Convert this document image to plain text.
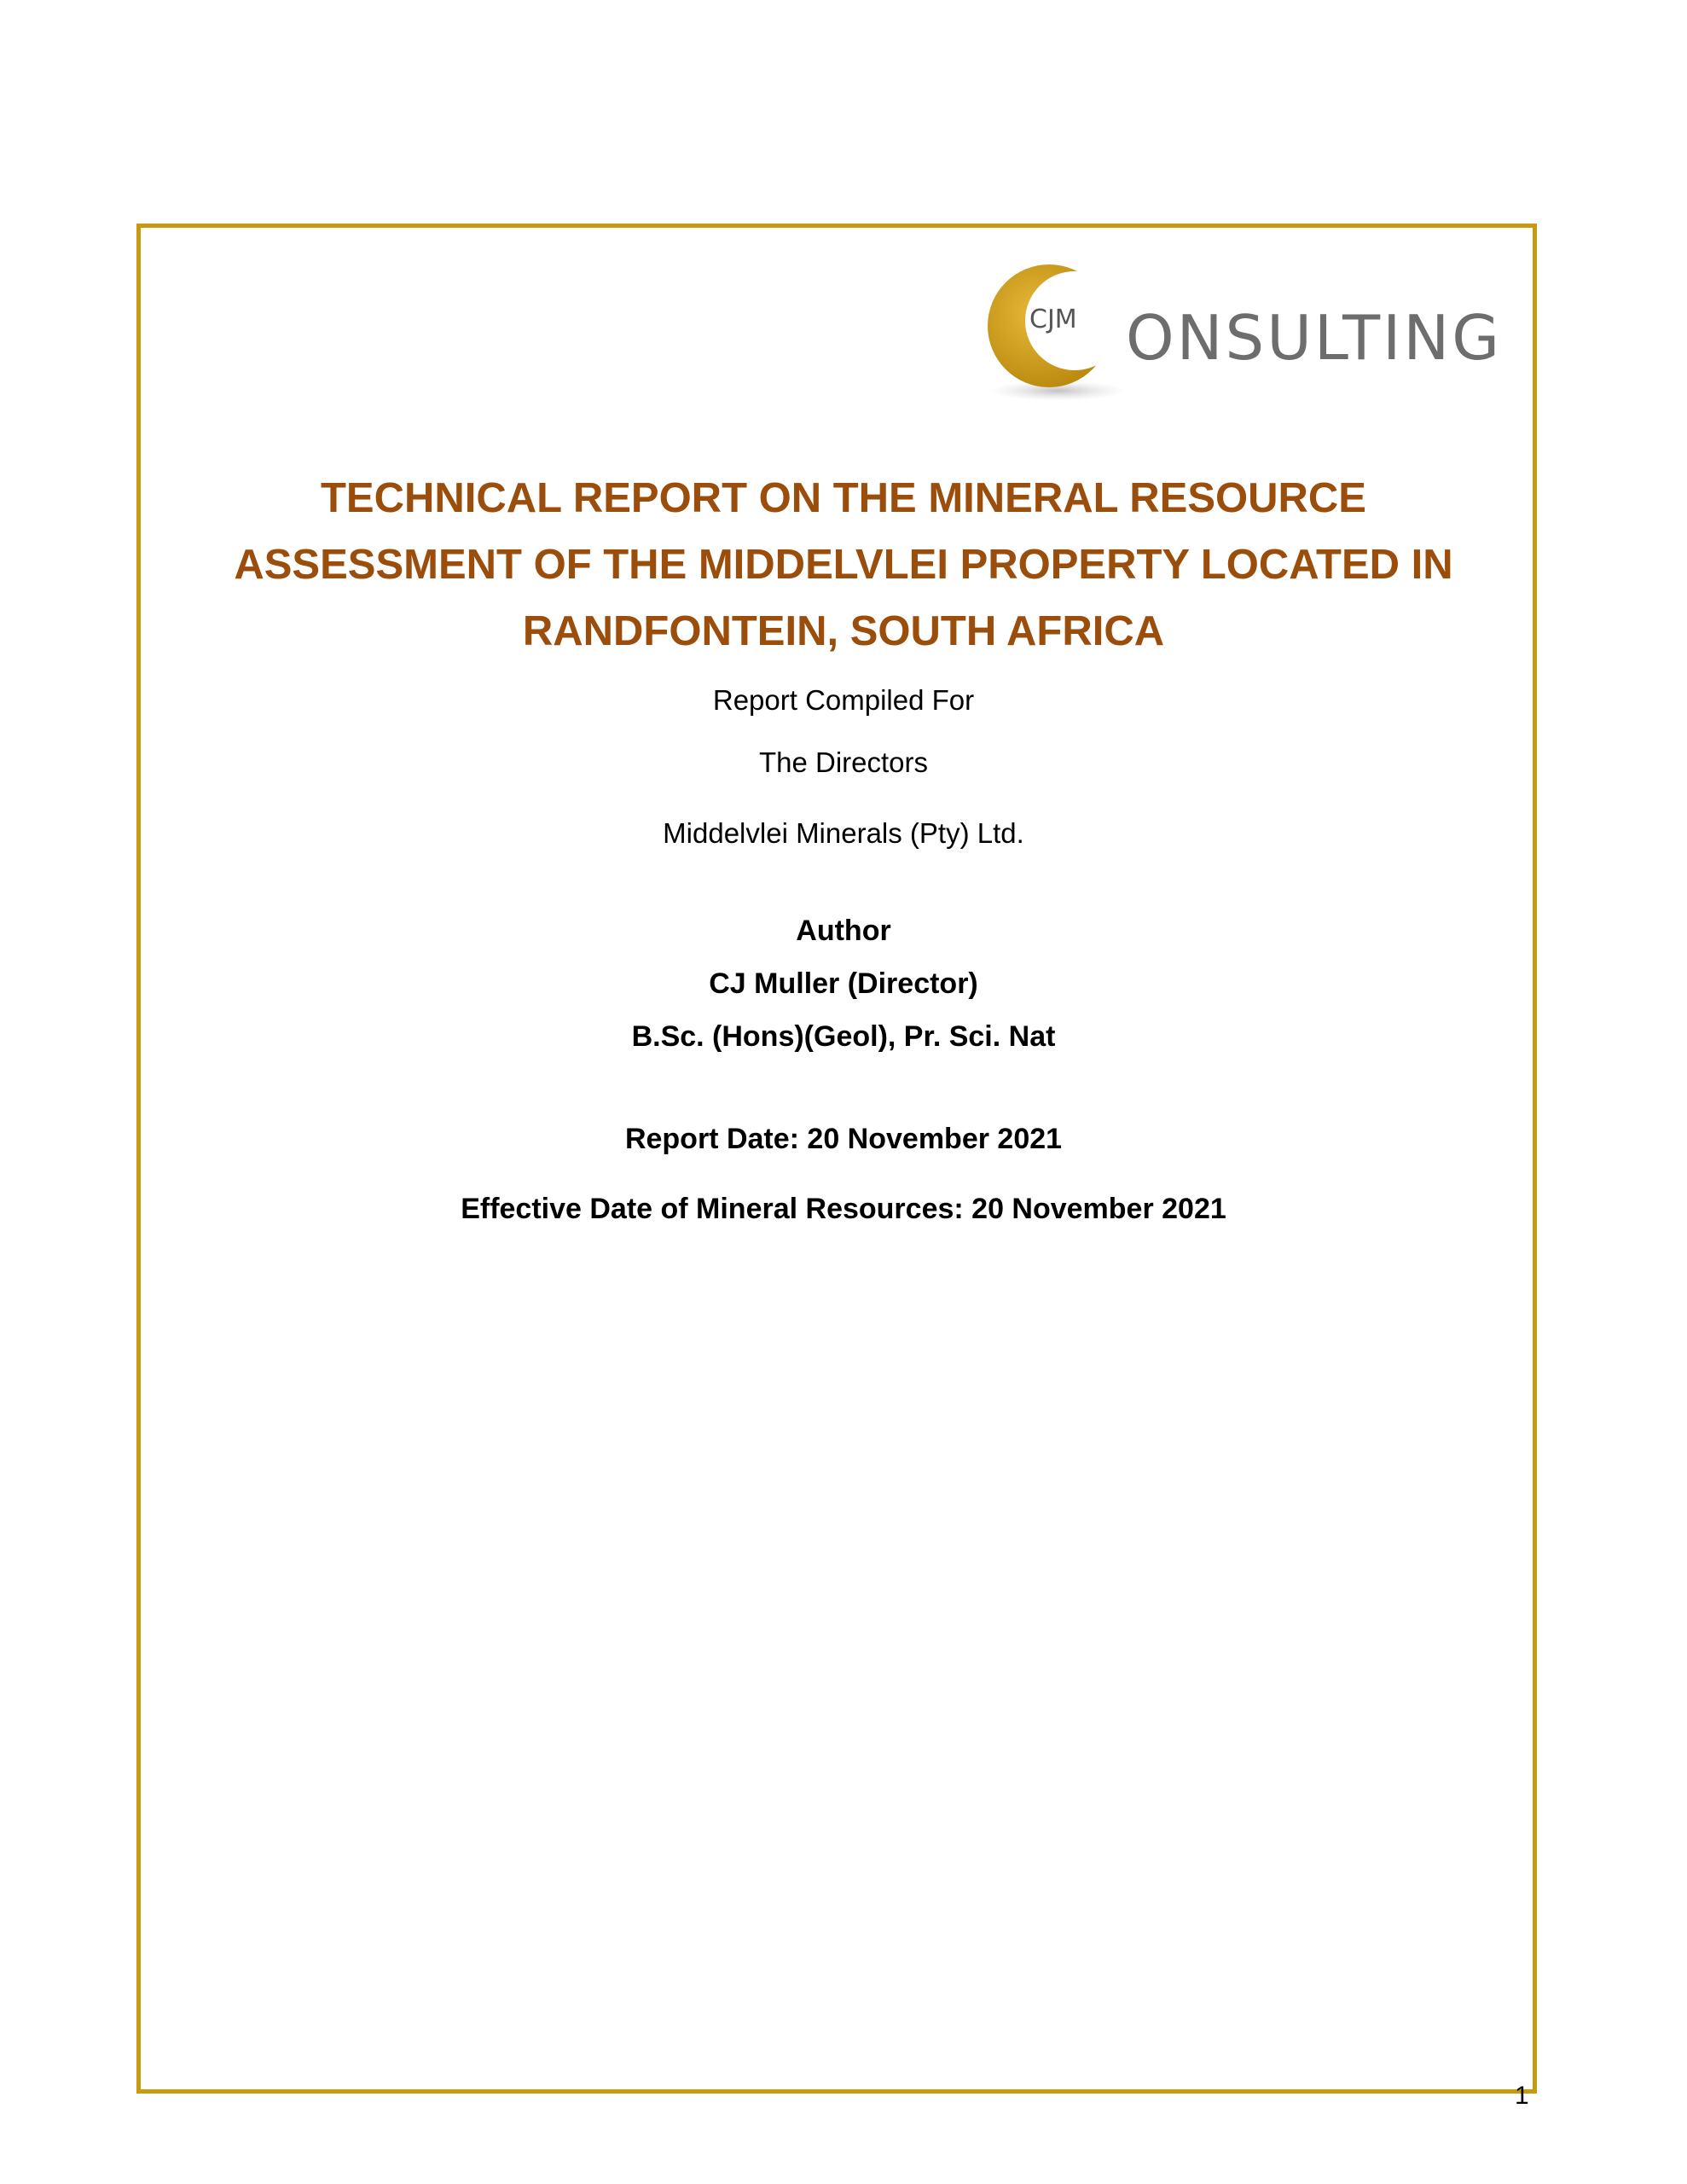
CJM ONSULTING
TECHNICAL REPORT ON THE MINERAL RESOURCE
ASSESSMENT OF THE MIDDELVLEI PROPERTY LOCATED IN
RANDFONTEIN, SOUTH AFRICA
Report Compiled For
The Directors
Middelvlei Minerals (Pty) Ltd.
Author
CJ Muller (Director)
B.Sc. (Hons)(Geol), Pr. Sci. Nat
Report Date: 20 November 2021
Effective Date of Mineral Resources: 20 November 2021
1
